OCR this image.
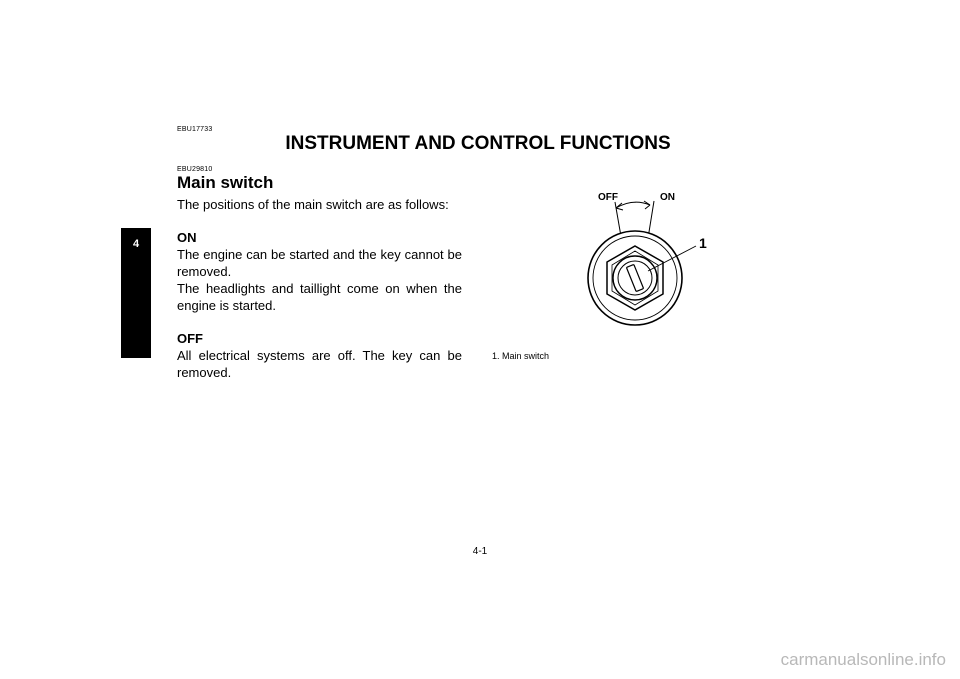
4
EBU17733
INSTRUMENT AND CONTROL FUNCTIONS
EBU29810
Main switch

The positions of the main switch are as follows:

ON

The engine can be started and the key cannot be removed.

The headlights and taillight come on when the engine is started.

OFF

All electrical systems are off. The key can be removed.

OFF	ON
1
1. Main switch
4-1
carmanualsonline.info
